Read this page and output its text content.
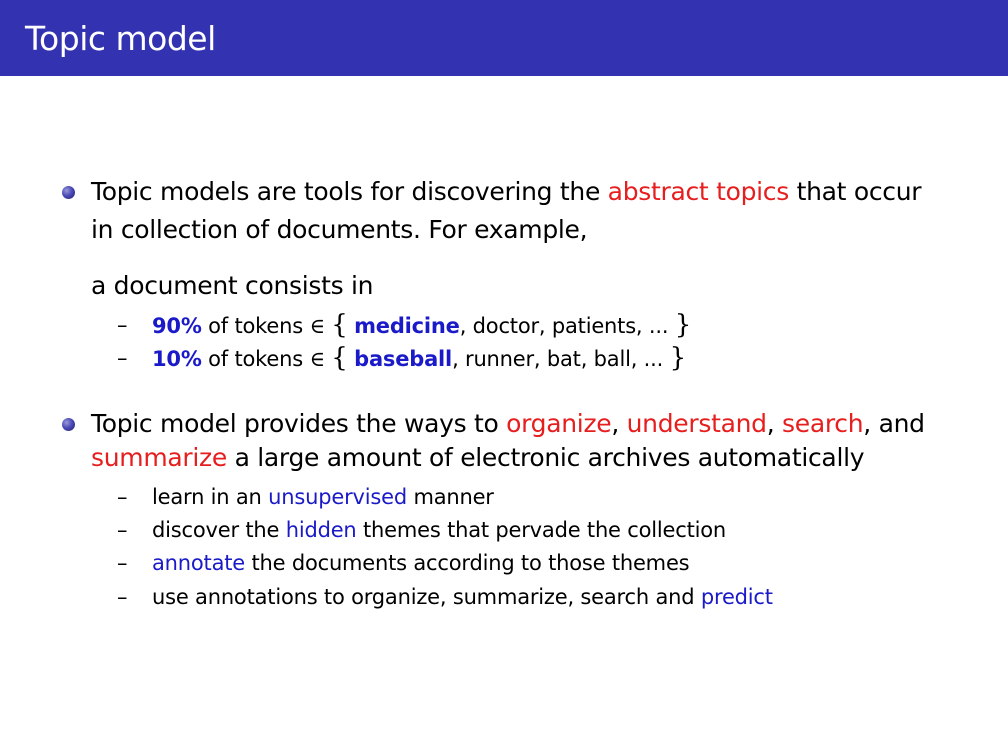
Topic model
Topic models are tools for discovering the abstract topics that occur
in collection of documents. For example,
a document consists in
– 90% of tokens ∈ { medicine, doctor, patients, ... }
– 10% of tokens ∈ { baseball, runner, bat, ball, ... }
Topic model provides the ways to organize, understand, search, and
summarize a large amount of electronic archives automatically
– learn in an unsupervised manner
– discover the hidden themes that pervade the collection
– annotate the documents according to those themes
– use annotations to organize, summarize, search and predict
